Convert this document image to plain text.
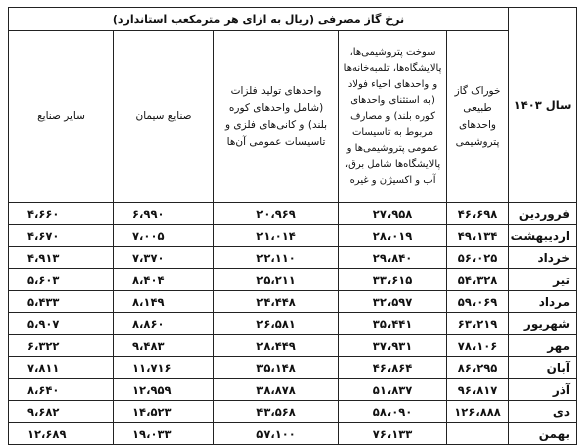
سال ۱۴۰۳	نرخ گاز مصرفی (ریال به ازای هر مترمکعب استاندارد)				
	خوراک گاز طبیعی واحدهای پتروشیمی	سوخت پتروشیمی‌ها، پالایشگاه‌ها، تلمبه‌خانه‌ها و واحدهای احیاء فولاد (به استثنای واحدهای کوره بلند) و مصارف مربوط به تاسیسات عمومی پتروشیمی‌ها و پالایشگاه‌ها شامل برق، آب و اکسیژن و غیره	واحدهای تولید فلزات (شامل واحدهای کوره بلند) و کانی‌های فلزی و تاسیسات عمومی آن‌ها	صنایع سیمان	سایر صنایع
فروردین	۴۶،۶۹۸	۲۷،۹۵۸	۲۰،۹۶۹	۶،۹۹۰	۴،۶۶۰
اردیبهشت	۴۹،۱۳۴	۲۸،۰۱۹	۲۱،۰۱۴	۷،۰۰۵	۴،۶۷۰
خرداد	۵۶،۰۲۵	۲۹،۸۴۰	۲۲،۱۱۰	۷،۳۷۰	۴،۹۱۳
تیر	۵۴،۳۲۸	۳۳،۶۱۵	۲۵،۲۱۱	۸،۴۰۴	۵،۶۰۳
مرداد	۵۹،۰۶۹	۳۲،۵۹۷	۲۴،۴۴۸	۸،۱۴۹	۵،۴۳۳
شهریور	۶۳،۲۱۹	۳۵،۴۴۱	۲۶،۵۸۱	۸،۸۶۰	۵،۹۰۷
مهر	۷۸،۱۰۶	۳۷،۹۳۱	۲۸،۴۴۹	۹،۴۸۳	۶،۳۲۲
آبان	۸۶،۲۹۵	۴۶،۸۶۴	۳۵،۱۴۸	۱۱،۷۱۶	۷،۸۱۱
آذر	۹۶،۸۱۷	۵۱،۸۳۷	۳۸،۸۷۸	۱۲،۹۵۹	۸،۶۴۰
دی	۱۲۶،۸۸۸	۵۸،۰۹۰	۴۳،۵۶۸	۱۴،۵۲۳	۹،۶۸۲
بهمن		۷۶،۱۳۳	۵۷،۱۰۰	۱۹،۰۳۳	۱۲،۶۸۹
